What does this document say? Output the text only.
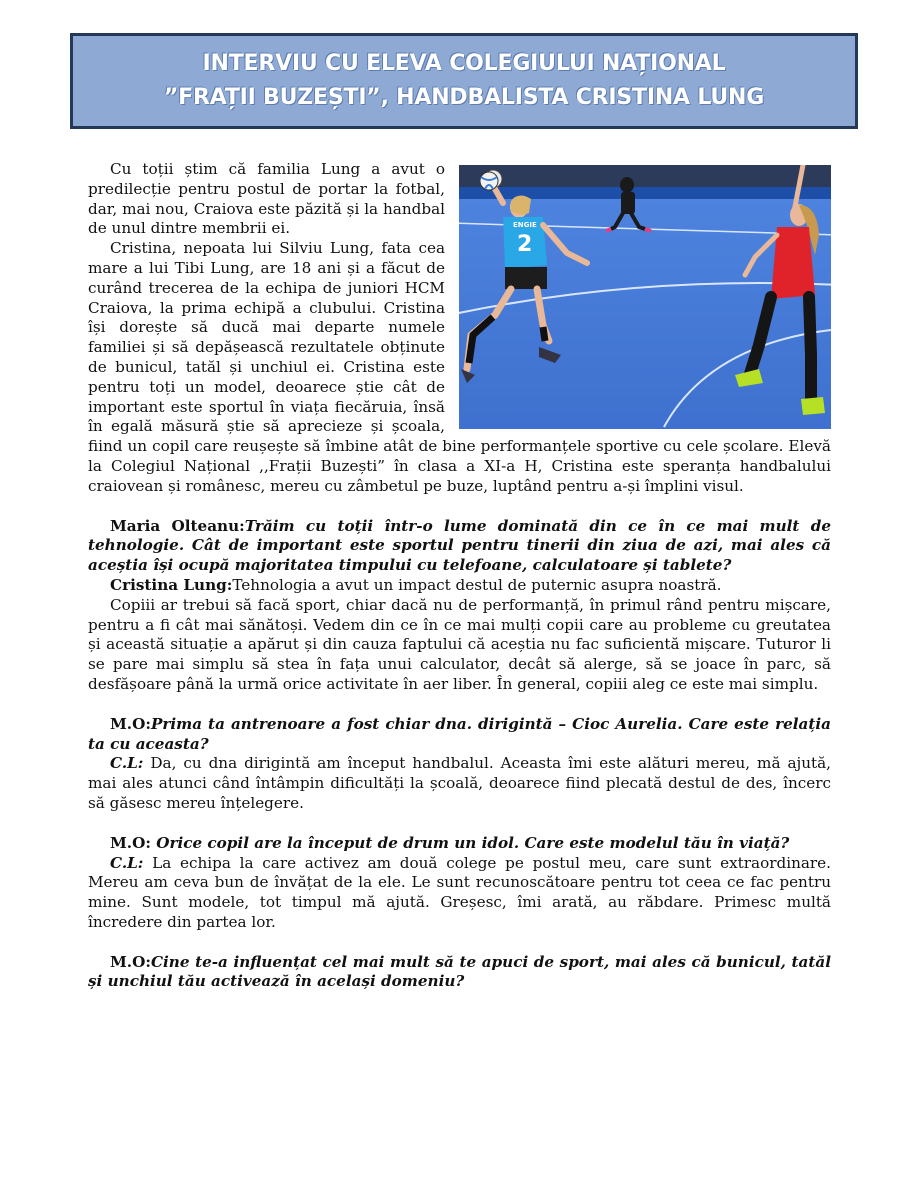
INTERVIU CU ELEVA COLEGIULUI NAȚIONAL
”FRAȚII BUZEȘTI”, HANDBALISTA CRISTINA LUNG
2
ENGIE

Cu toții știm că familia Lung a avut o predilecție pentru postul de portar la fotbal, dar, mai nou, Craiova este păzită și la handbal de unul dintre membrii ei.

Cristina, nepoata lui Silviu Lung, fata cea mare a lui Tibi Lung, are 18 ani și a făcut de curând trecerea de la echipa de juniori HCM Craiova, la prima echipă a clubului. Cristina își dorește să ducă mai departe numele familiei și să depășească rezultatele obținute de bunicul, tatăl și unchiul ei. Cristina este pentru toți un model, deoarece știe cât de important este sportul în viața fiecăruia, însă în egală măsură știe să aprecieze și școala, fiind un copil care reușește să îmbine atât de bine performanțele sportive cu cele școlare. Elevă la Colegiul Național ,,Frații Buzești” în clasa a XI-a H, Cristina este speranța handbalului craiovean și românesc, mereu cu zâmbetul pe buze, luptând pentru a-și împlini visul.

Maria Olteanu:Trăim cu toții într-o lume dominată din ce în ce mai mult de tehnologie. Cât de important este sportul pentru tinerii din ziua de azi, mai ales că aceștia își ocupă majoritatea timpului cu telefoane, calculatoare și tablete?

Cristina Lung:Tehnologia a avut un impact destul de puternic asupra noastră.

Copiii ar trebui să facă sport, chiar dacă nu de performanță, în primul rând pentru mișcare, pentru a fi cât mai sănătoși. Vedem din ce în ce mai mulți copii care au probleme cu greutatea și această situație a apărut și din cauza faptului că aceștia nu fac suficientă mișcare. Tuturor li se pare mai simplu să stea în fața unui calculator, decât să alerge, să se joace în parc, să desfășoare până la urmă orice activitate în aer liber. În general, copiii aleg ce este mai simplu.

M.O:Prima ta antrenoare a fost chiar dna. dirigintă – Cioc Aurelia. Care este relația ta cu aceasta?

C.L: Da, cu dna dirigintă am început handbalul. Aceasta îmi este alături mereu, mă ajută, mai ales atunci când întâmpin dificultăți la școală, deoarece fiind plecată destul de des, încerc să găsesc mereu înțelegere.

M.O: Orice copil are la început de drum un idol. Care este modelul tău în viață?

C.L: La echipa la care activez am două colege pe postul meu, care sunt extraordinare. Mereu am ceva bun de învățat de la ele. Le sunt recunoscătoare pentru tot ceea ce fac pentru mine. Sunt modele, tot timpul mă ajută. Greșesc, îmi arată, au răbdare. Primesc multă încredere din partea lor.

M.O:Cine te-a influențat cel mai mult să te apuci de sport, mai ales că bunicul, tatăl și unchiul tău activează în același domeniu?
